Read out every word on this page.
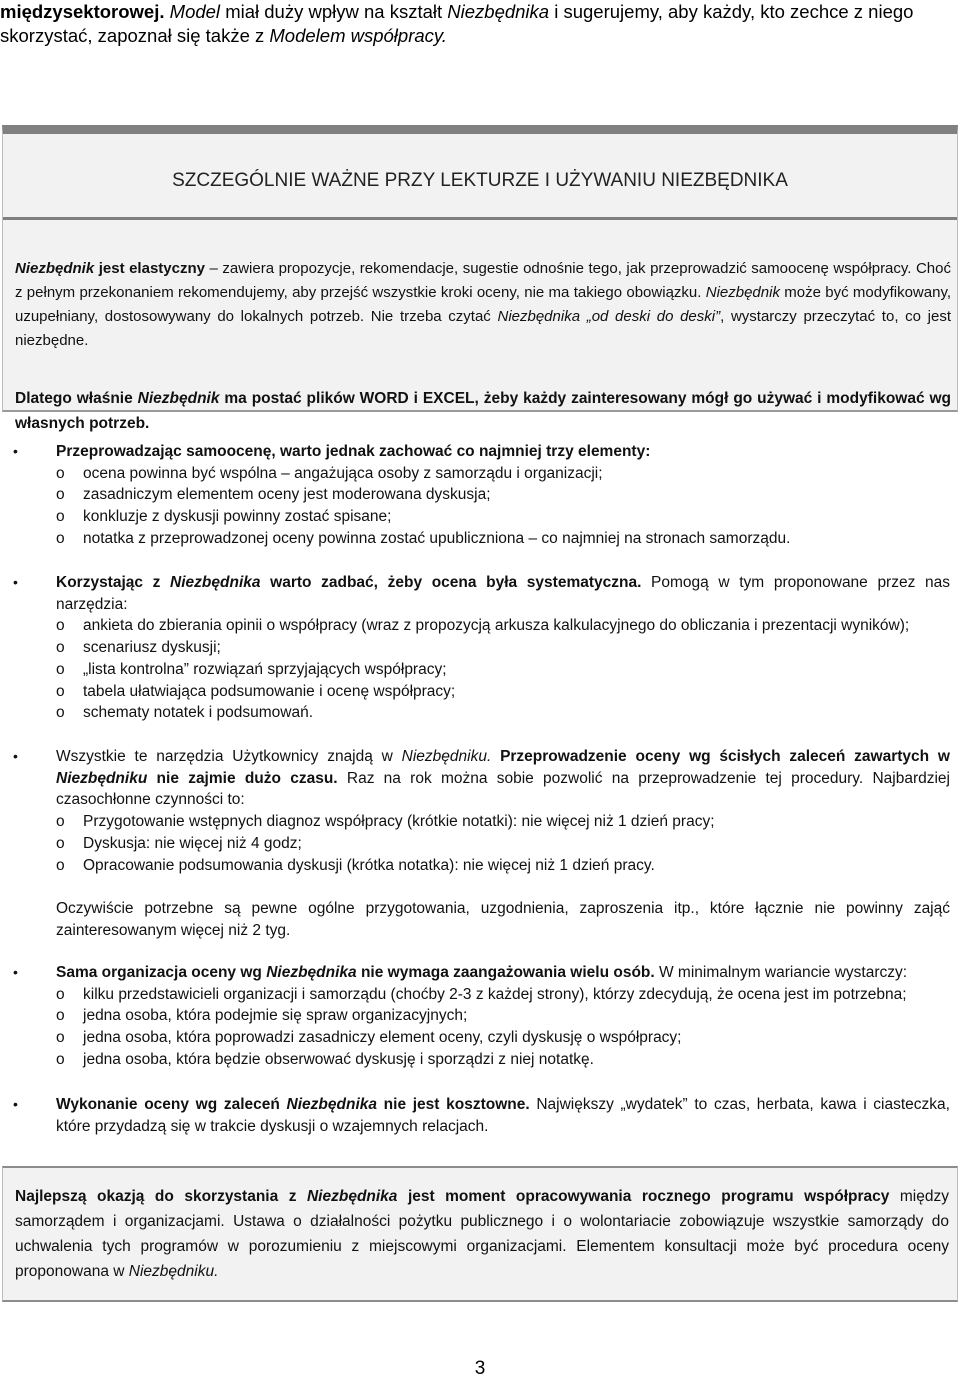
międzysektorowej. Model miał duży wpływ na kształt Niezbędnika i sugerujemy, aby każdy, kto zechce z niego skorzystać, zapoznał się także z Modelem współpracy.

SZCZEGÓLNIE WAŻNE PRZY LEKTURZE I UŻYWANIU NIEZBĘDNIKA

Niezbędnik jest elastyczny – zawiera propozycje, rekomendacje, sugestie odnośnie tego, jak przeprowadzić samoocenę współpracy. Choć z pełnym przekonaniem rekomendujemy, aby przejść wszystkie kroki oceny, nie ma takiego obowiązku. Niezbędnik może być modyfikowany, uzupełniany, dostosowywany do lokalnych potrzeb. Nie trzeba czytać Niezbędnika „od deski do deski”, wystarczy przeczytać to, co jest niezbędne.

Dlatego właśnie Niezbędnik ma postać plików WORD i EXCEL, żeby każdy zainteresowany mógł go używać i modyfikować wg własnych potrzeb.

• Przeprowadzając samoocenę, warto jednak zachować co najmniej trzy elementy:

o ocena powinna być wspólna – angażująca osoby z samorządu i organizacji;

o zasadniczym elementem oceny jest moderowana dyskusja;

o konkluzje z dyskusji powinny zostać spisane;

o notatka z przeprowadzonej oceny powinna zostać upubliczniona – co najmniej na stronach samorządu.

• Korzystając z Niezbędnika warto zadbać, żeby ocena była systematyczna. Pomogą w tym proponowane przez nas narzędzia:

o ankieta do zbierania opinii o współpracy (wraz z propozycją arkusza kalkulacyjnego do obliczania i prezentacji wyników);

o scenariusz dyskusji;

o „lista kontrolna” rozwiązań sprzyjających współpracy;

o tabela ułatwiająca podsumowanie i ocenę współpracy;

o schematy notatek i podsumowań.

• Wszystkie te narzędzia Użytkownicy znajdą w Niezbędniku. Przeprowadzenie oceny wg ścisłych zaleceń zawartych w Niezbędniku nie zajmie dużo czasu. Raz na rok można sobie pozwolić na przeprowadzenie tej procedury. Najbardziej czasochłonne czynności to:

o Przygotowanie wstępnych diagnoz współpracy (krótkie notatki): nie więcej niż 1 dzień pracy;

o Dyskusja: nie więcej niż 4 godz;

o Opracowanie podsumowania dyskusji (krótka notatka): nie więcej niż 1 dzień pracy.

Oczywiście potrzebne są pewne ogólne przygotowania, uzgodnienia, zaproszenia itp., które łącznie nie powinny zająć zainteresowanym więcej niż 2 tyg.

• Sama organizacja oceny wg Niezbędnika nie wymaga zaangażowania wielu osób. W minimalnym wariancie wystarczy:

o kilku przedstawicieli organizacji i samorządu (choćby 2-3 z każdej strony), którzy zdecydują, że ocena jest im potrzebna;

o jedna osoba, która podejmie się spraw organizacyjnych;

o jedna osoba, która poprowadzi zasadniczy element oceny, czyli dyskusję o współpracy;

o jedna osoba, która będzie obserwować dyskusję i sporządzi z niej notatkę.

• Wykonanie oceny wg zaleceń Niezbędnika nie jest kosztowne. Największy „wydatek” to czas, herbata, kawa i ciasteczka, które przydadzą się w trakcie dyskusji o wzajemnych relacjach.

Najlepszą okazją do skorzystania z Niezbędnika jest moment opracowywania rocznego programu współpracy między samorządem i organizacjami. Ustawa o działalności pożytku publicznego i o wolontariacie zobowiązuje wszystkie samorządy do uchwalenia tych programów w porozumieniu z miejscowymi organizacjami. Elementem konsultacji może być procedura oceny proponowana w Niezbędniku.

3
